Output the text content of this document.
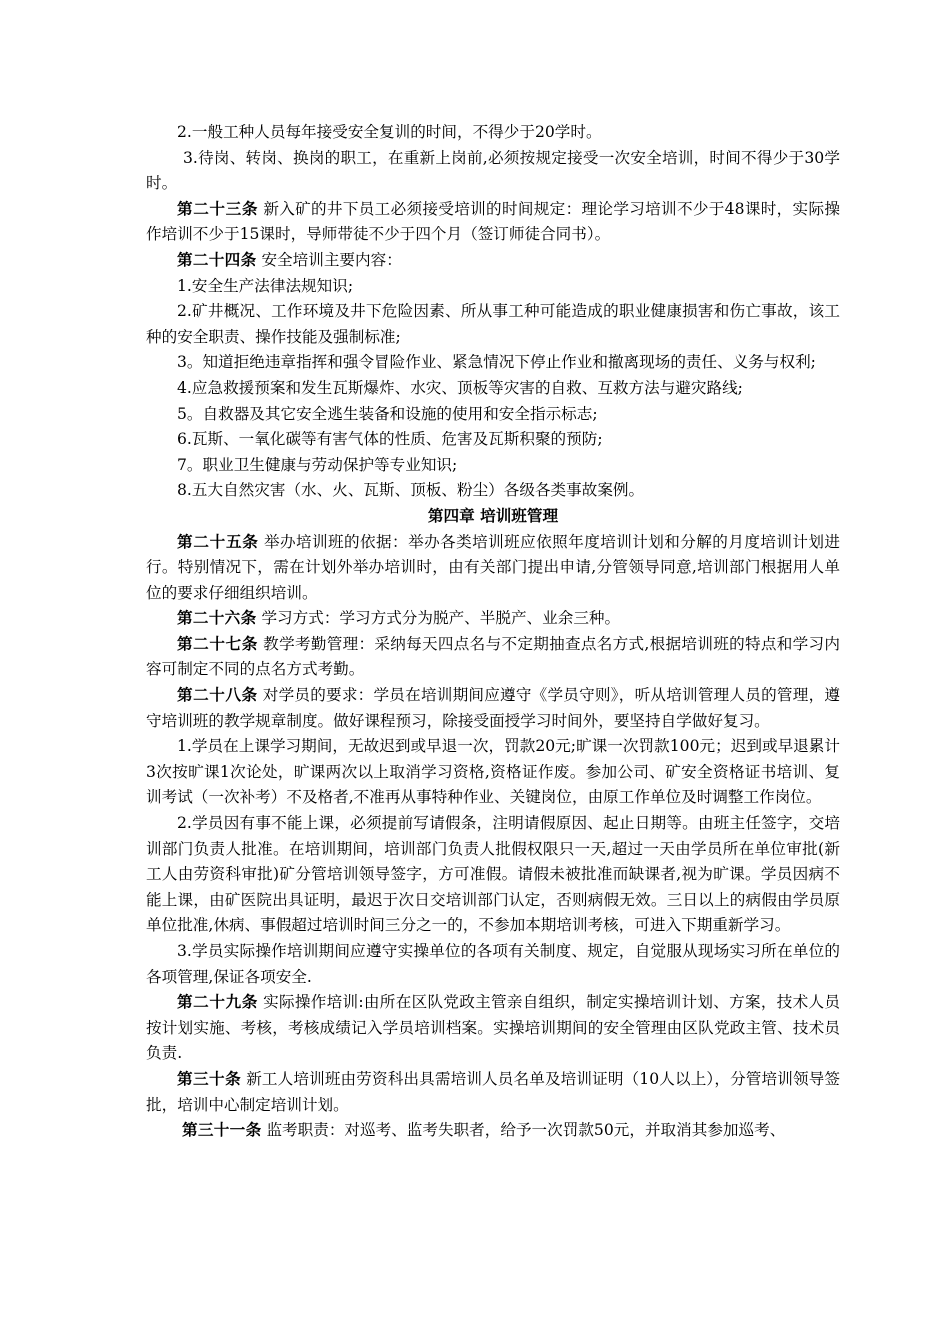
2.一般工种人员每年接受安全复训的时间，不得少于20学时。

3.待岗、转岗、换岗的职工，在重新上岗前,必须按规定接受一次安全培训，时间不得少于30学时。

第二十三条 新入矿的井下员工必须接受培训的时间规定：理论学习培训不少于48课时，实际操作培训不少于15课时，导师带徒不少于四个月（签订师徒合同书）。

第二十四条 安全培训主要内容：

1.安全生产法律法规知识;

2.矿井概况、工作环境及井下危险因素、所从事工种可能造成的职业健康损害和伤亡事故，该工种的安全职责、操作技能及强制标准;

3。知道拒绝违章指挥和强令冒险作业、紧急情况下停止作业和撤离现场的责任、义务与权利;

4.应急救援预案和发生瓦斯爆炸、水灾、顶板等灾害的自救、互救方法与避灾路线;

5。自救器及其它安全逃生装备和设施的使用和安全指示标志;

6.瓦斯、一氧化碳等有害气体的性质、危害及瓦斯积聚的预防;

7。职业卫生健康与劳动保护等专业知识;

8.五大自然灾害（水、火、瓦斯、顶板、粉尘）各级各类事故案例。

第四章 培训班管理

第二十五条 举办培训班的依据：举办各类培训班应依照年度培训计划和分解的月度培训计划进行。特别情况下，需在计划外举办培训时，由有关部门提出申请,分管领导同意,培训部门根据用人单位的要求仔细组织培训。

第二十六条 学习方式：学习方式分为脱产、半脱产、业余三种。

第二十七条 教学考勤管理：采纳每天四点名与不定期抽查点名方式,根据培训班的特点和学习内容可制定不同的点名方式考勤。

第二十八条 对学员的要求：学员在培训期间应遵守《学员守则》，听从培训管理人员的管理，遵守培训班的教学规章制度。做好课程预习，除接受面授学习时间外，要坚持自学做好复习。

1.学员在上课学习期间，无故迟到或早退一次，罚款20元;旷课一次罚款100元；迟到或早退累计3次按旷课1次论处，旷课两次以上取消学习资格,资格证作废。参加公司、矿安全资格证书培训、复训考试（一次补考）不及格者,不准再从事特种作业、关键岗位，由原工作单位及时调整工作岗位。

2.学员因有事不能上课，必须提前写请假条，注明请假原因、起止日期等。由班主任签字，交培训部门负责人批准。在培训期间，培训部门负责人批假权限只一天,超过一天由学员所在单位审批(新工人由劳资科审批)矿分管培训领导签字，方可准假。请假未被批准而缺课者,视为旷课。学员因病不能上课，由矿医院出具证明，最迟于次日交培训部门认定，否则病假无效。三日以上的病假由学员原单位批准,休病、事假超过培训时间三分之一的，不参加本期培训考核，可进入下期重新学习。

3.学员实际操作培训期间应遵守实操单位的各项有关制度、规定，自觉服从现场实习所在单位的各项管理,保证各项安全.

第二十九条 实际操作培训:由所在区队党政主管亲自组织，制定实操培训计划、方案，技术人员按计划实施、考核，考核成绩记入学员培训档案。实操培训期间的安全管理由区队党政主管、技术员负责.

第三十条 新工人培训班由劳资科出具需培训人员名单及培训证明（10人以上），分管培训领导签批，培训中心制定培训计划。

第三十一条 监考职责：对巡考、监考失职者，给予一次罚款50元，并取消其参加巡考、
